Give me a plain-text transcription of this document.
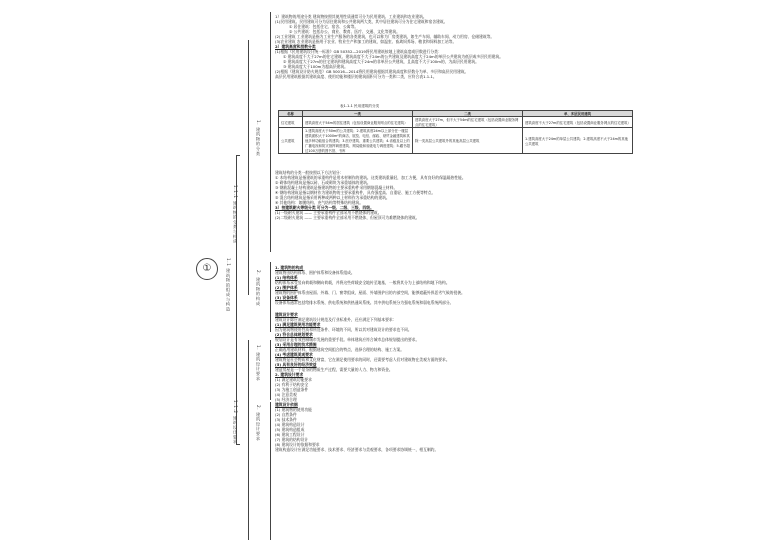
①	1.1 建筑物的组成与构造
1.1.1 建筑物的分类与构成
1.1.2 建筑设计要求
1. 建筑物的分类
2. 建筑物的构成
1. 建筑设计要求
2. 建筑设计要求

1）建筑物的用途分类 建筑物按照其使用性质通常可分为民用建筑、工业建筑和农业建筑。

(1)民用建筑。民用建筑可分为居住建筑和公共建筑两大类，其中居住建筑可分为住宅建筑和宿舍建筑。

① 居住建筑：包括住宅、宿舍、公寓等。

② 公共建筑：包括办公、商业、教育、医疗、交通、文化等建筑。

(2)工业建筑 工业建筑是指为工业生产服务的各类建筑，也可以称为厂房类建筑，如生产车间、辅助车间、动力用房、仓储建筑等。

(3)农业建筑 农业建筑是指用于农业、牧业生产和加工的建筑，如温室、畜禽饲养场、粮食和饲料加工站等。

2）建筑高度和层数分类

(1)根据《民用建筑设计统一标准》GB 50352—2019将民用建筑按地上建筑高度或层数进行分类：

① 建筑高度不大于27m的住宅建筑、建筑高度不大于24m的公共建筑及建筑高度大于24m的单层公共建筑为低层或多层民用建筑。

② 建筑高度大于27m的住宅建筑和建筑高度大于24m的非单层公共建筑，且高度不大于100m的，为高层民用建筑。

③ 建筑高度大于100m为超高层建筑。

(2)根据《建筑设计防火规范》GB 50016—2014将民用建筑根据其建筑高度和层数分为单、多层和高层民用建筑。

高层民用建筑根据其建筑高度、使用功能和楼层的建筑面积可分为一类和二类，应符合表1.1-1。

表1.1-1 民用建筑的分类
名称	一类	二类	单、多层民用建筑
住宅建筑	建筑高度大于54m的居住建筑（包括设置商业服务网点的住宅建筑）	建筑高度大于27m，但不大于54m的住宅建筑（包括设置商业服务网点的住宅建筑）	建筑高度不大于27m的住宅建筑（包括设置商业服务网点的住宅建筑）
公共建筑	1.建筑高度大于50m的公共建筑；2.建筑高度24m以上部分任一楼层建筑面积大于1000m²的商店、展览、电信、邮政、财贸金融建筑和其他多种功能组合的建筑；3.医疗建筑、重要公共建筑；4.省级及以上的广播电视和防灾指挥调度建筑、网局级和省级电力调度建筑；5.藏书超过100万册的图书馆、书库	除一类高层公共建筑外的其他高层公共建筑	1.建筑高度大于24m的单层公共建筑；2.建筑高度不大于24m的其他公共建筑

建筑结构的分类一般按照以下方法划分：

① 木结构建筑是指建筑的承重构件是用木材制作的建筑。这类建筑重量轻，加工方便，具有良好的保温隔热性能。

② 砌体结构建筑是指以砖、石或砌块为承重墙体的建筑。

③ 钢筋混凝土结构建筑是指建筑物的主要承重构件采用钢筋混凝土材料。

④ 钢结构建筑是指以钢材作为建筑物的主要承重构件，具有强度高、自重轻、施工方便等特点。

⑤ 混合结构建筑是指采用两种或两种以上材料作为承重结构的建筑。

⑥ 其他结构：如膜结构、充气结构等特殊结构建筑。

3）按建筑耐火等级分类 可分为一级、二级、三级、四级。

(1)一级耐火建筑 —— 主要承重构件全部采用不燃烧体的建筑。

(2)二级耐火建筑 —— 主要承重构件全部采用不燃烧体，但屋顶可为难燃烧体的建筑。

1. 建筑物的构成

建筑物由结构体系、围护体系和设备体系组成。

(1) 结构体系

结构体系承受竖向荷载和侧向荷载，并将这些荷载安全地传至地基，一般将其分为上部结构和地下结构。

(2) 围护体系

建筑物的围护体系由屋面、外墙、门、窗等组成，屋面、外墙围护出的内部空间，能够遮蔽外界恶劣气候的侵袭。

(3) 设备体系

设备体系通常包括给排水系统、供电系统和供热通风系统。其中供电系统分为强电系统和弱电系统两部分。

建筑设计要求

建筑设计除应满足建筑设计规范及行业标准外，还应满足下列基本要求：

(1) 满足建筑使用功能要求

因为建筑物使用性质和所处条件、环境的不同，所以其对建筑设计的要求也不同。

(2) 符合总体规划要求

规划设计是有效控制城市发展的重要手段。单体建筑应符合城市总体规划提出的要求。

(3) 采用合理的技术措施

正确选用建筑材料，根据建筑空间组合的特点，选择合理的结构、施工方案。

(4) 考虑建筑美观要求

建筑物是社会物质和文化财富，它在满足使用要求的同时，还需要考虑人们对建筑物在美观方面的要求。

(5) 具有良好的经济效益

建造房屋是一个复杂的物质生产过程，需要大量的人力、物力和资金。

2. 建筑设计要求

(1) 满足建筑功能要求

(2) 有利于结构安全

(3) 为施工创造条件

(4) 注意美观

(5) 经济合理

建筑设计依据

(1) 建筑物的使用功能

(2) 自然条件

(3) 技术条件

(4) 建筑构造设计

(5) 建筑构造组成

(6) 建筑工程设计

(7) 建筑的结构设计

(8) 建筑设计的依据和要求

建筑构造设计应满足功能要求、技术要求、经济要求与美观要求，各项要求协调统一，相互制约。
